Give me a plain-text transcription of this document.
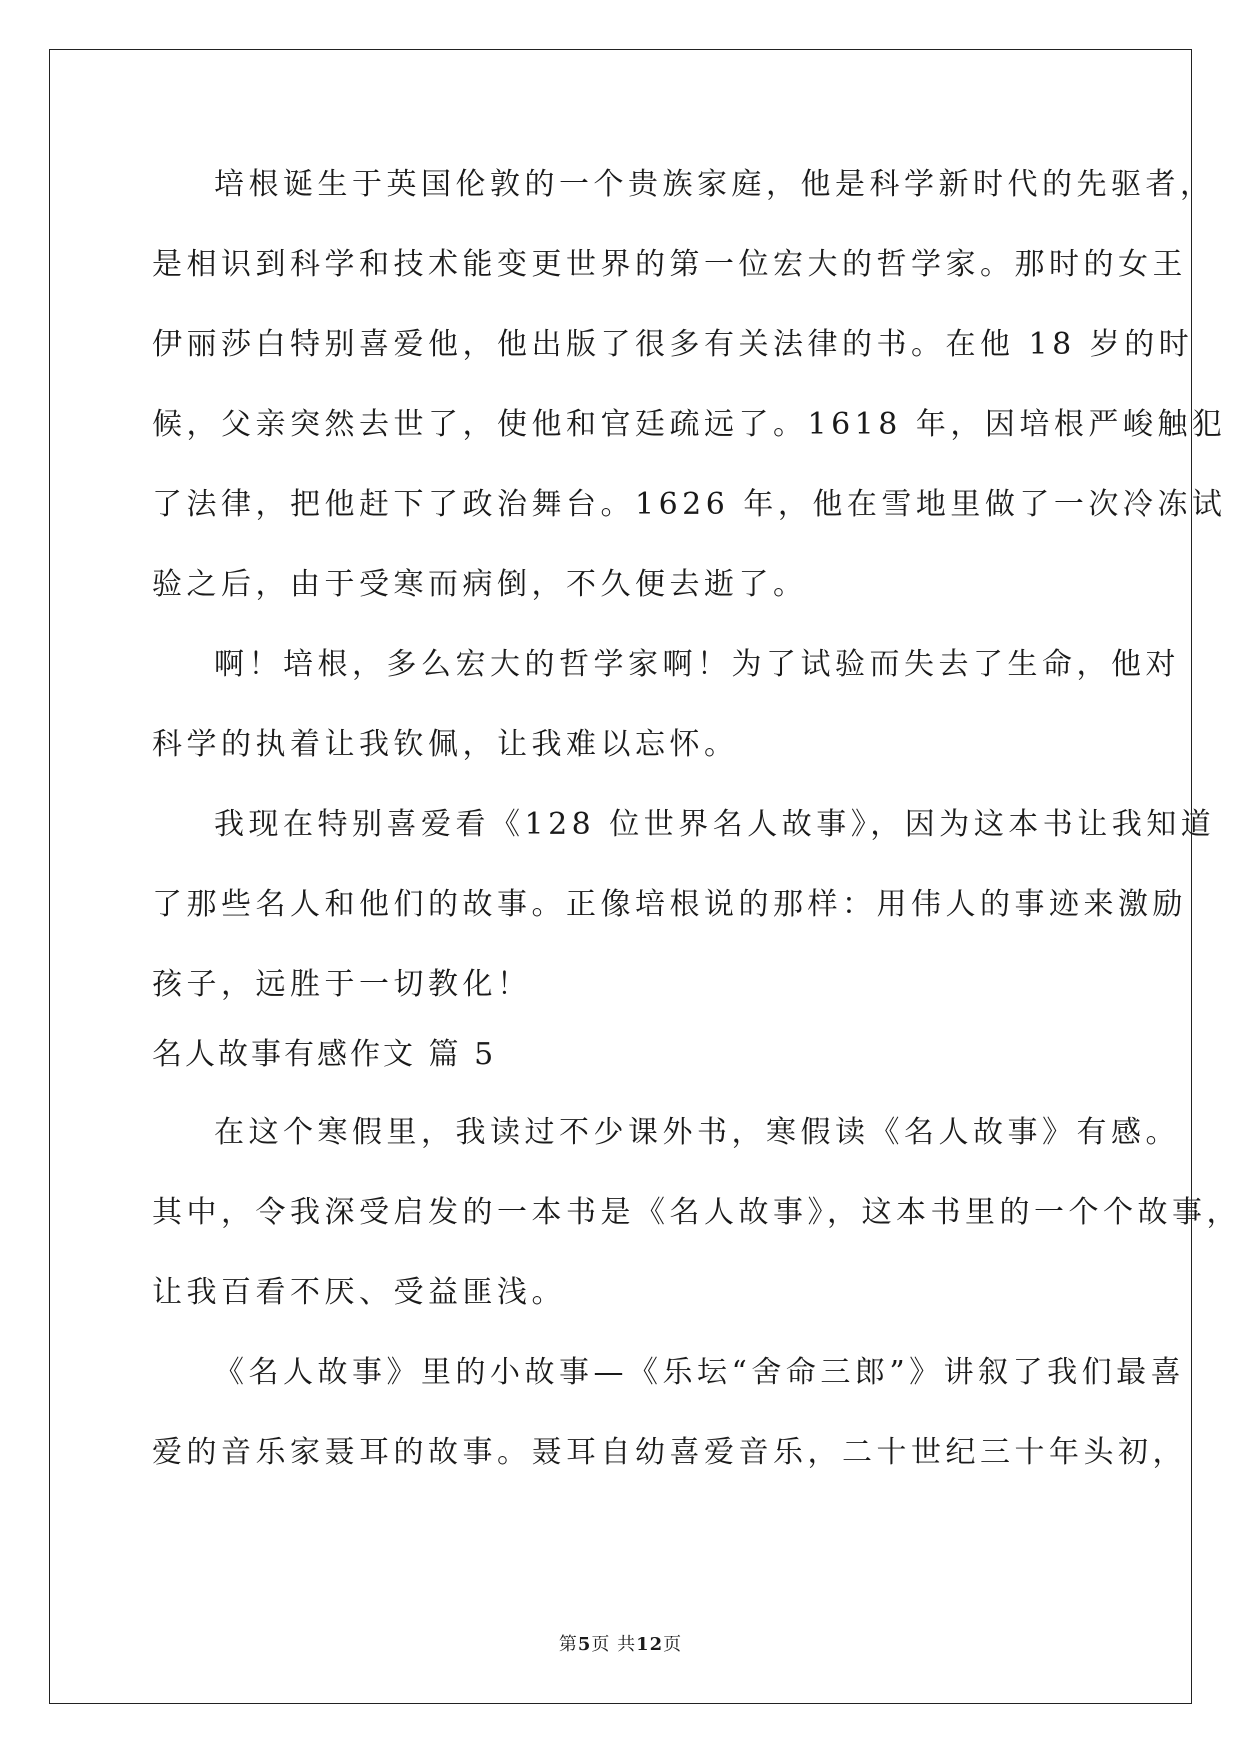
培根诞生于英国伦敦的一个贵族家庭，他是科学新时代的先驱者，
是相识到科学和技术能变更世界的第一位宏大的哲学家。那时的女王
伊丽莎白特别喜爱他，他出版了很多有关法律的书。在他 18 岁的时
候，父亲突然去世了，使他和官廷疏远了。1618 年，因培根严峻触犯
了法律，把他赶下了政治舞台。1626 年，他在雪地里做了一次冷冻试
验之后，由于受寒而病倒，不久便去逝了。
啊！培根，多么宏大的哲学家啊！为了试验而失去了生命，他对
科学的执着让我钦佩，让我难以忘怀。
我现在特别喜爱看《128 位世界名人故事》，因为这本书让我知道
了那些名人和他们的故事。正像培根说的那样：用伟人的事迹来激励
孩子，远胜于一切教化！
名人故事有感作文 篇 5
在这个寒假里，我读过不少课外书，寒假读《名人故事》有感。
其中，令我深受启发的一本书是《名人故事》，这本书里的一个个故事，
让我百看不厌、受益匪浅。
《名人故事》里的小故事—《乐坛“舍命三郎”》讲叙了我们最喜
爱的音乐家聂耳的故事。聂耳自幼喜爱音乐，二十世纪三十年头初，
第5页 共12页
